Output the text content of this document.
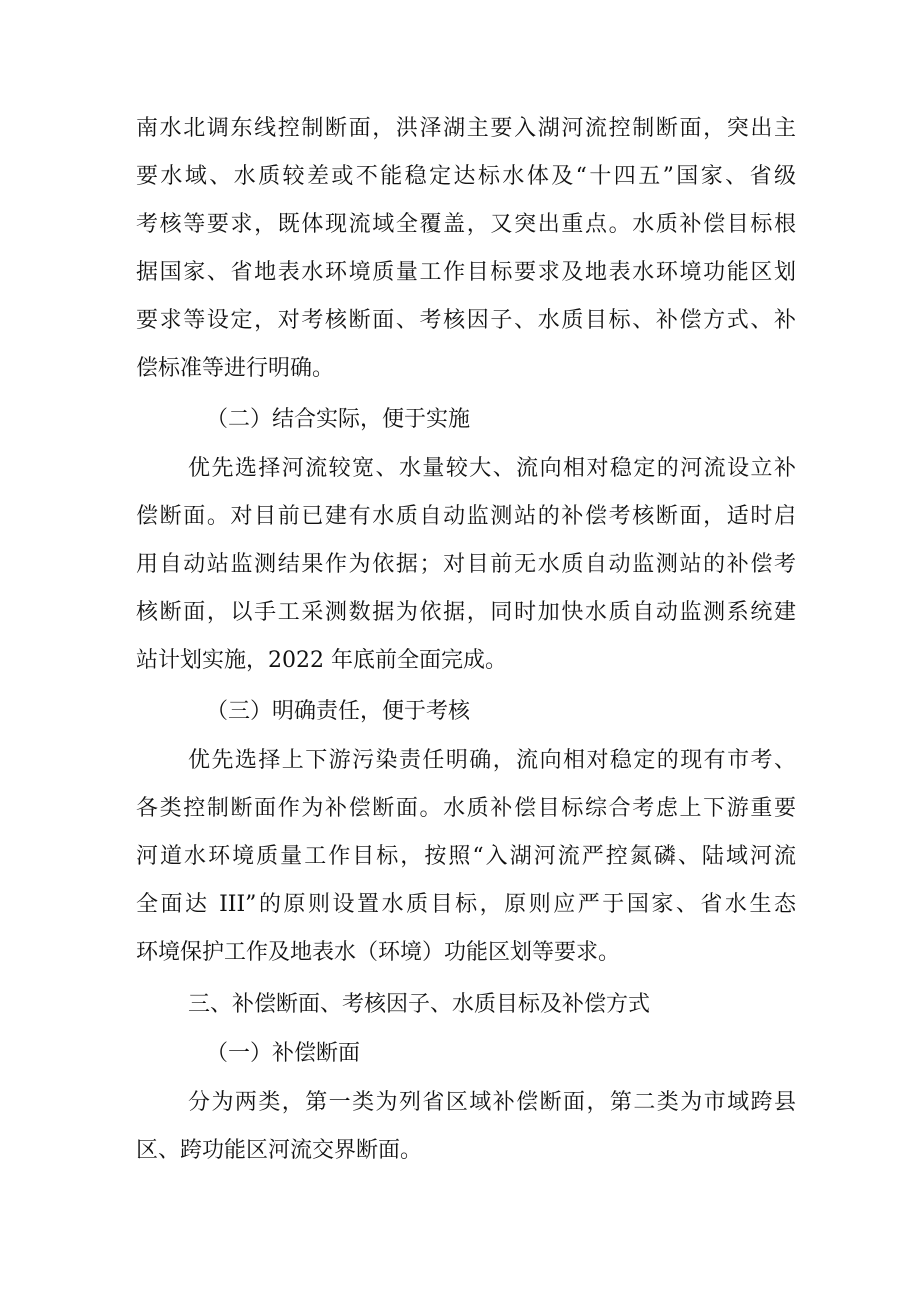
南水北调东线控制断面，洪泽湖主要入湖河流控制断面，突出主
要水域、水质较差或不能稳定达标水体及“十四五”国家、省级
考核等要求，既体现流域全覆盖，又突出重点。水质补偿目标根
据国家、省地表水环境质量工作目标要求及地表水环境功能区划
要求等设定，对考核断面、考核因子、水质目标、补偿方式、补
偿标准等进行明确。
（二）结合实际，便于实施
优先选择河流较宽、水量较大、流向相对稳定的河流设立补
偿断面。对目前已建有水质自动监测站的补偿考核断面，适时启
用自动站监测结果作为依据；对目前无水质自动监测站的补偿考
核断面，以手工采测数据为依据，同时加快水质自动监测系统建
站计划实施，2022 年底前全面完成。
（三）明确责任，便于考核
优先选择上下游污染责任明确，流向相对稳定的现有市考、
各类控制断面作为补偿断面。水质补偿目标综合考虑上下游重要
河道水环境质量工作目标，按照“入湖河流严控氮磷、陆域河流
全面达 III”的原则设置水质目标，原则应严于国家、省水生态
环境保护工作及地表水（环境）功能区划等要求。
三、补偿断面、考核因子、水质目标及补偿方式
（一）补偿断面
分为两类，第一类为列省区域补偿断面，第二类为市域跨县
区、跨功能区河流交界断面。
